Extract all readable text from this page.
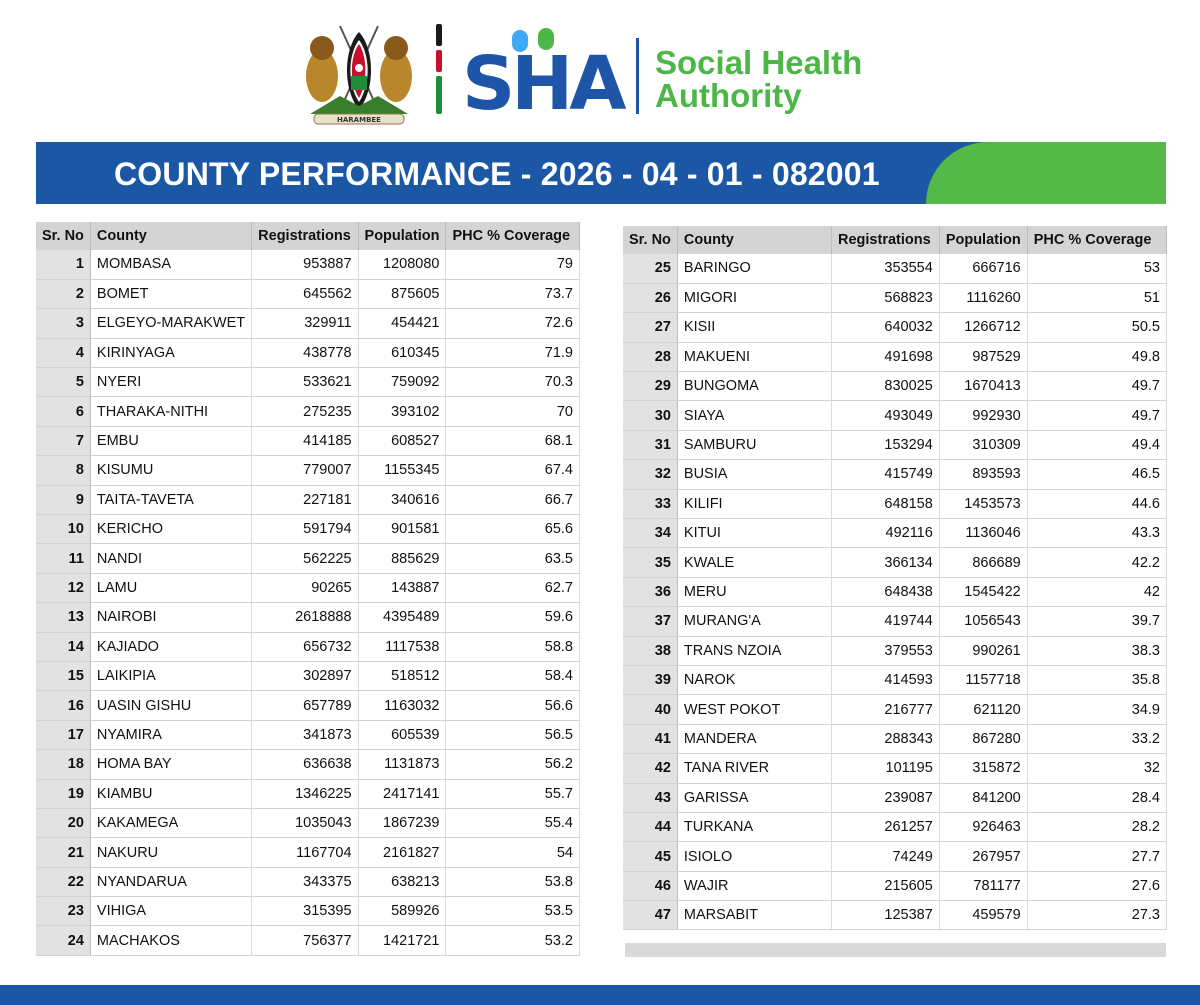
HARAMBEE SHA Social Health
Authority
COUNTY PERFORMANCE - 2026 - 04 - 01 - 082001
Sr. No	County	Registrations	Population	PHC % Coverage
1	MOMBASA	953887	1208080	79
2	BOMET	645562	875605	73.7
3	ELGEYO-MARAKWET	329911	454421	72.6
4	KIRINYAGA	438778	610345	71.9
5	NYERI	533621	759092	70.3
6	THARAKA-NITHI	275235	393102	70
7	EMBU	414185	608527	68.1
8	KISUMU	779007	1155345	67.4
9	TAITA-TAVETA	227181	340616	66.7
10	KERICHO	591794	901581	65.6
11	NANDI	562225	885629	63.5
12	LAMU	90265	143887	62.7
13	NAIROBI	2618888	4395489	59.6
14	KAJIADO	656732	1117538	58.8
15	LAIKIPIA	302897	518512	58.4
16	UASIN GISHU	657789	1163032	56.6
17	NYAMIRA	341873	605539	56.5
18	HOMA BAY	636638	1131873	56.2
19	KIAMBU	1346225	2417141	55.7
20	KAKAMEGA	1035043	1867239	55.4
21	NAKURU	1167704	2161827	54
22	NYANDARUA	343375	638213	53.8
23	VIHIGA	315395	589926	53.5
24	MACHAKOS	756377	1421721	53.2
Sr. No	County	Registrations	Population	PHC % Coverage
25	BARINGO	353554	666716	53
26	MIGORI	568823	1116260	51
27	KISII	640032	1266712	50.5
28	MAKUENI	491698	987529	49.8
29	BUNGOMA	830025	1670413	49.7
30	SIAYA	493049	992930	49.7
31	SAMBURU	153294	310309	49.4
32	BUSIA	415749	893593	46.5
33	KILIFI	648158	1453573	44.6
34	KITUI	492116	1136046	43.3
35	KWALE	366134	866689	42.2
36	MERU	648438	1545422	42
37	MURANG'A	419744	1056543	39.7
38	TRANS NZOIA	379553	990261	38.3
39	NAROK	414593	1157718	35.8
40	WEST POKOT	216777	621120	34.9
41	MANDERA	288343	867280	33.2
42	TANA RIVER	101195	315872	32
43	GARISSA	239087	841200	28.4
44	TURKANA	261257	926463	28.2
45	ISIOLO	74249	267957	27.7
46	WAJIR	215605	781177	27.6
47	MARSABIT	125387	459579	27.3
